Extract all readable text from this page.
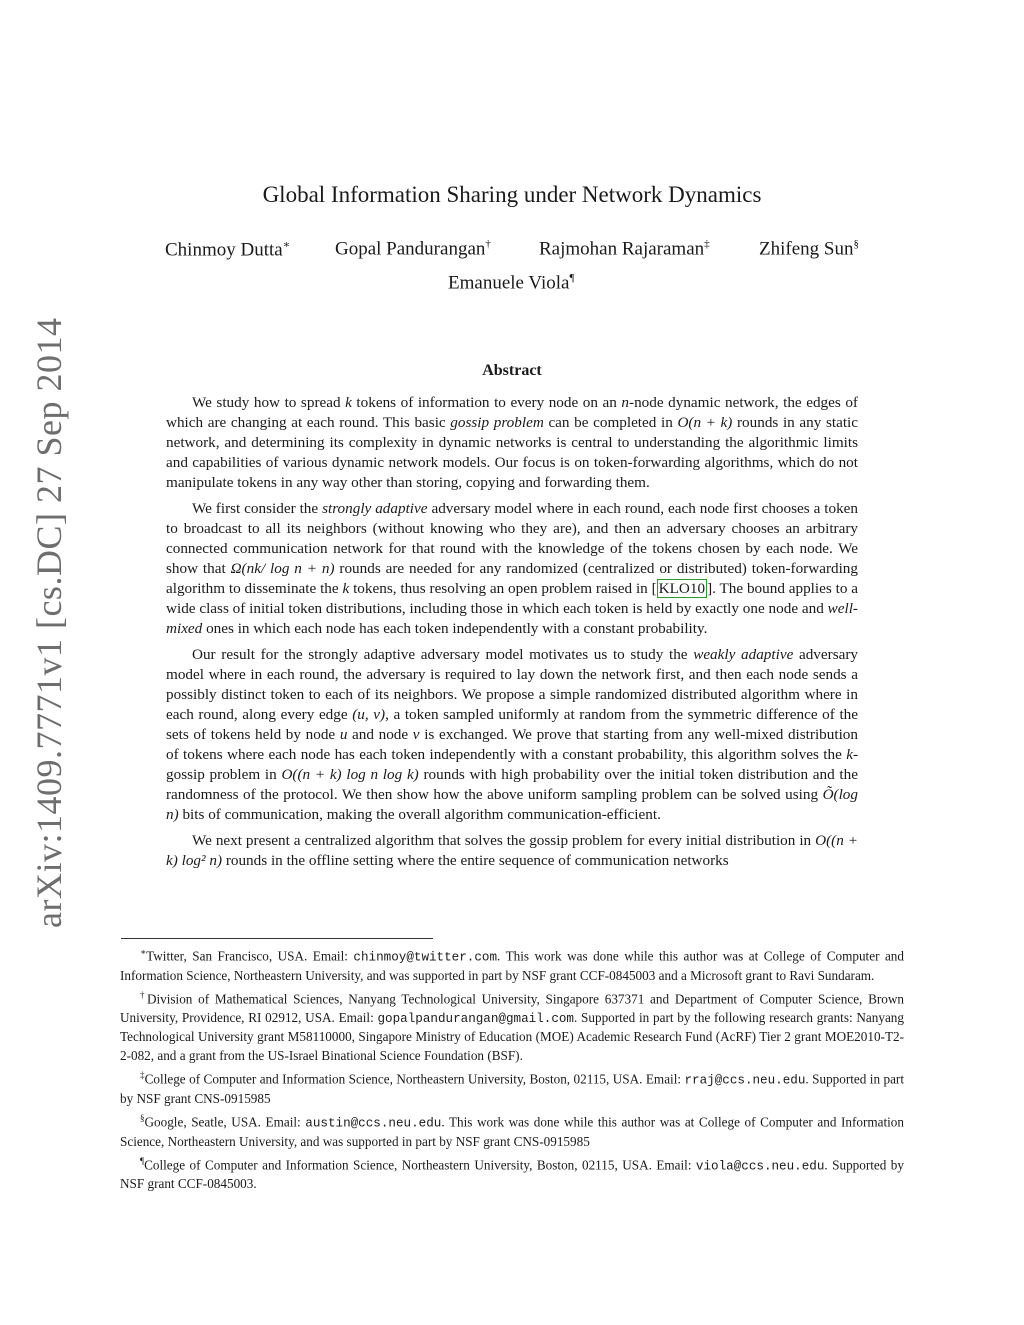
arXiv:1409.7771v1 [cs.DC] 27 Sep 2014
Global Information Sharing under Network Dynamics
Chinmoy Dutta∗ Gopal Pandurangan†	Rajmohan Rajaraman‡	Zhifeng Sun§
Emanuele Viola¶
Abstract

We study how to spread k tokens of information to every node on an n-node dynamic network, the edges of which are changing at each round. This basic gossip problem can be completed in O(n + k) rounds in any static network, and determining its complexity in dynamic networks is central to understanding the algorithmic limits and capabilities of various dynamic network models. Our focus is on token-forwarding algorithms, which do not manipulate tokens in any way other than storing, copying and forwarding them.

We first consider the strongly adaptive adversary model where in each round, each node first chooses a token to broadcast to all its neighbors (without knowing who they are), and then an adversary chooses an arbitrary connected communication network for that round with the knowledge of the tokens chosen by each node. We show that Ω(nk/ log n + n) rounds are needed for any randomized (centralized or distributed) token-forwarding algorithm to disseminate the k tokens, thus resolving an open problem raised in [ KLO10 ]. The bound applies to a wide class of initial token distributions, including those in which each token is held by exactly one node and well-mixed ones in which each node has each token independently with a constant probability.

Our result for the strongly adaptive adversary model motivates us to study the weakly adaptive adversary model where in each round, the adversary is required to lay down the network first, and then each node sends a possibly distinct token to each of its neighbors. We propose a simple randomized distributed algorithm where in each round, along every edge (u, v), a token sampled uniformly at random from the symmetric difference of the sets of tokens held by node u and node v is exchanged. We prove that starting from any well-mixed distribution of tokens where each node has each token independently with a constant probability, this algorithm solves the k-gossip problem in O((n + k) log n log k) rounds with high probability over the initial token distribution and the randomness of the protocol. We then show how the above uniform sampling problem can be solved using Õ(log n) bits of communication, making the overall algorithm communication-efficient.

We next present a centralized algorithm that solves the gossip problem for every initial distribution in O((n + k) log² n) rounds in the offline setting where the entire sequence of communication networks

∗Twitter, San Francisco, USA. Email: chinmoy@twitter.com. This work was done while this author was at College of Computer and Information Science, Northeastern University, and was supported in part by NSF grant CCF-0845003 and a Microsoft grant to Ravi Sundaram.

†Division of Mathematical Sciences, Nanyang Technological University, Singapore 637371 and Department of Computer Science, Brown University, Providence, RI 02912, USA. Email: gopalpandurangan@gmail.com. Supported in part by the following research grants: Nanyang Technological University grant M58110000, Singapore Ministry of Education (MOE) Academic Research Fund (AcRF) Tier 2 grant MOE2010-T2-2-082, and a grant from the US-Israel Binational Science Foundation (BSF).

‡College of Computer and Information Science, Northeastern University, Boston, 02115, USA. Email: rraj@ccs.neu.edu. Supported in part by NSF grant CNS-0915985

§Google, Seatle, USA. Email: austin@ccs.neu.edu. This work was done while this author was at College of Computer and Information Science, Northeastern University, and was supported in part by NSF grant CNS-0915985

¶College of Computer and Information Science, Northeastern University, Boston, 02115, USA. Email: viola@ccs.neu.edu. Supported by NSF grant CCF-0845003.
